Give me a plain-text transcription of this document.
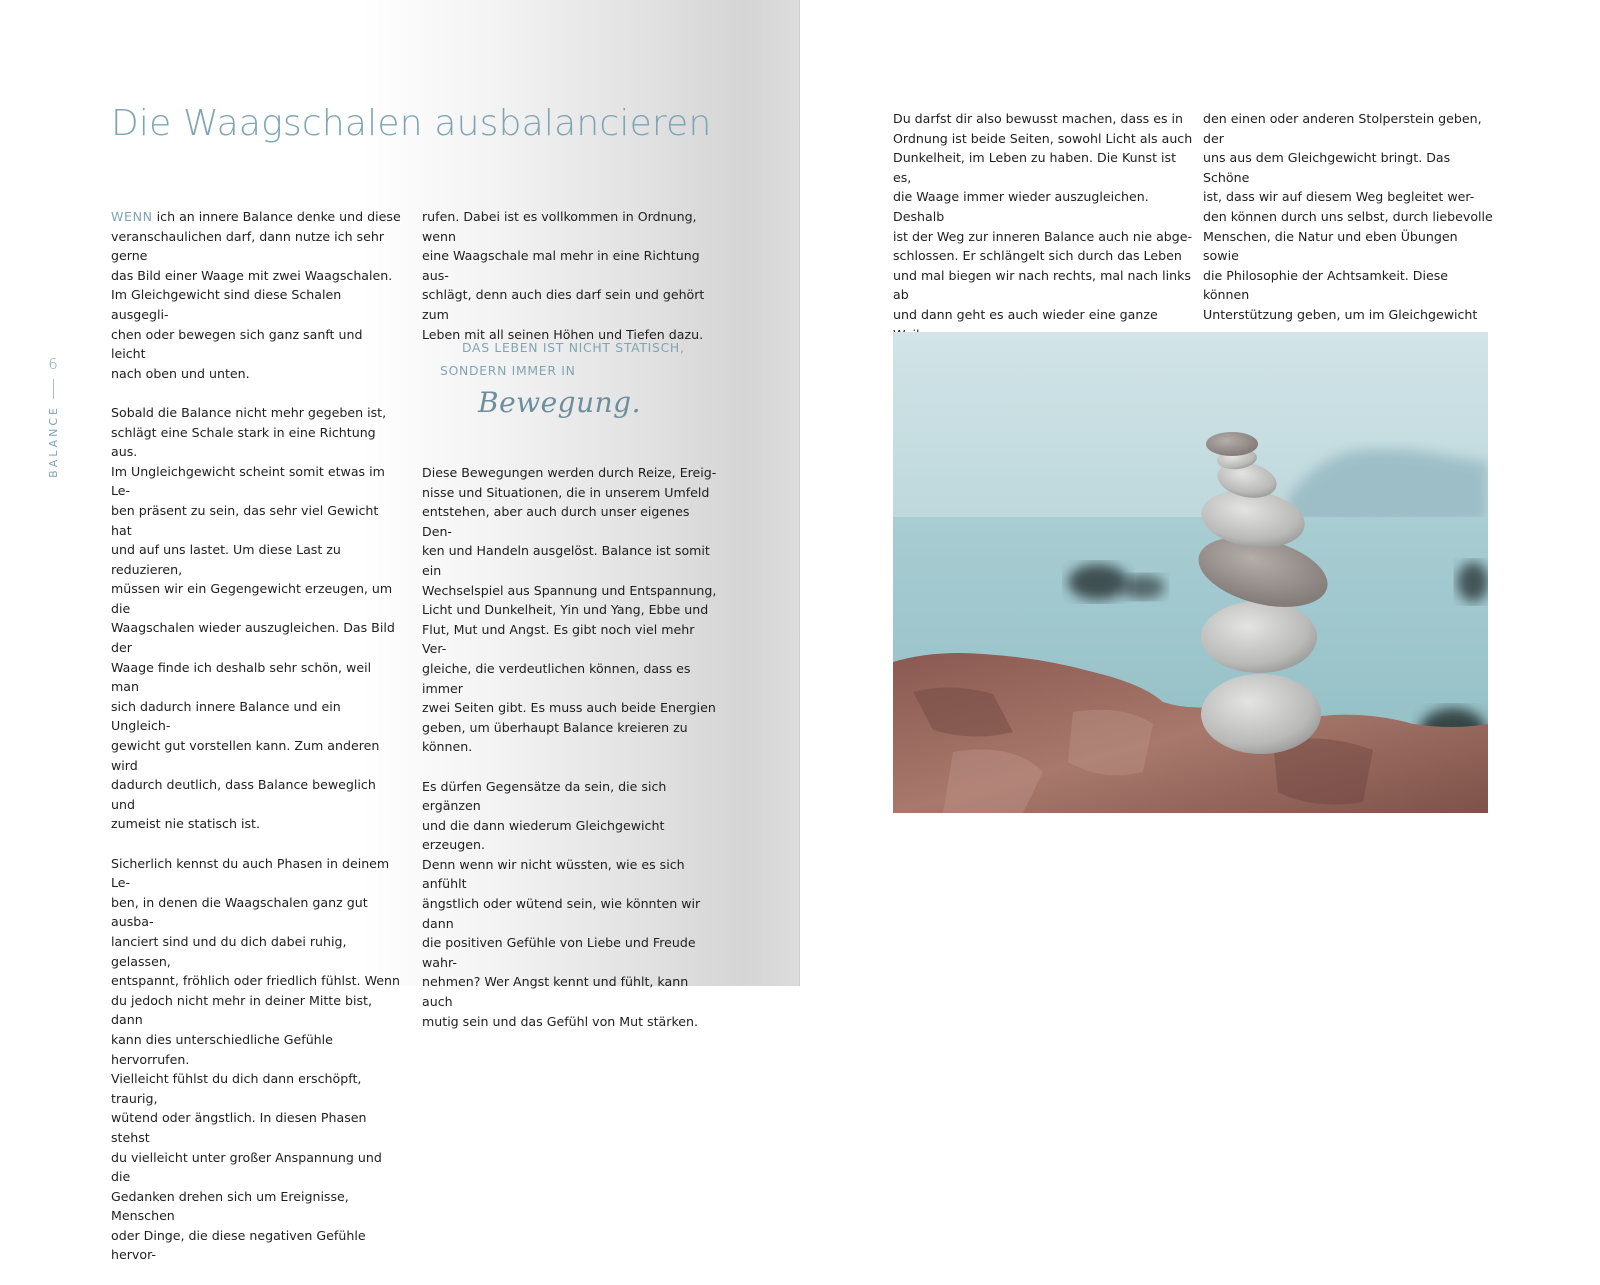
Die Waagschalen ausbalancieren
6
BALANCE

WENN ich an innere Balance denke und diese
veranschaulichen darf, dann nutze ich sehr gerne
das Bild einer Waage mit zwei Waagschalen.
Im Gleichgewicht sind diese Schalen ausgegli-
chen oder bewegen sich ganz sanft und leicht
nach oben und unten.

Sobald die Balance nicht mehr gegeben ist,
schlägt eine Schale stark in eine Richtung aus.
Im Ungleichgewicht scheint somit etwas im Le-
ben präsent zu sein, das sehr viel Gewicht hat
und auf uns lastet. Um diese Last zu reduzieren,
müssen wir ein Gegengewicht erzeugen, um die
Waagschalen wieder auszugleichen. Das Bild der
Waage finde ich deshalb sehr schön, weil man
sich dadurch innere Balance und ein Ungleich-
gewicht gut vorstellen kann. Zum anderen wird
dadurch deutlich, dass Balance beweglich und
zumeist nie statisch ist.

Sicherlich kennst du auch Phasen in deinem Le-
ben, in denen die Waagschalen ganz gut ausba-
lanciert sind und du dich dabei ruhig, gelassen,
entspannt, fröhlich oder friedlich fühlst. Wenn
du jedoch nicht mehr in deiner Mitte bist, dann
kann dies unterschiedliche Gefühle hervorrufen.
Vielleicht fühlst du dich dann erschöpft, traurig,
wütend oder ängstlich. In diesen Phasen stehst
du vielleicht unter großer Anspannung und die
Gedanken drehen sich um Ereignisse, Menschen
oder Dinge, die diese negativen Gefühle hervor-

rufen. Dabei ist es vollkommen in Ordnung, wenn
eine Waagschale mal mehr in eine Richtung aus-
schlägt, denn auch dies darf sein und gehört zum
Leben mit all seinen Höhen und Tiefen dazu.

DAS LEBEN IST NICHT STATISCH,
SONDERN IMMER IN
Bewegung.

Diese Bewegungen werden durch Reize, Ereig-
nisse und Situationen, die in unserem Umfeld
entstehen, aber auch durch unser eigenes Den-
ken und Handeln ausgelöst. Balance ist somit ein
Wechselspiel aus Spannung und Entspannung,
Licht und Dunkelheit, Yin und Yang, Ebbe und
Flut, Mut und Angst. Es gibt noch viel mehr Ver-
gleiche, die verdeutlichen können, dass es immer
zwei Seiten gibt. Es muss auch beide Energien
geben, um überhaupt Balance kreieren zu können.

Es dürfen Gegensätze da sein, die sich ergänzen
und die dann wiederum Gleichgewicht erzeugen.
Denn wenn wir nicht wüssten, wie es sich anfühlt
ängstlich oder wütend sein, wie könnten wir dann
die positiven Gefühle von Liebe und Freude wahr-
nehmen? Wer Angst kennt und fühlt, kann auch
mutig sein und das Gefühl von Mut stärken.

Du darfst dir also bewusst machen, dass es in
Ordnung ist beide Seiten, sowohl Licht als auch
Dunkelheit, im Leben zu haben. Die Kunst ist es,
die Waage immer wieder auszugleichen. Deshalb
ist der Weg zur inneren Balance auch nie abge-
schlossen. Er schlängelt sich durch das Leben
und mal biegen wir nach rechts, mal nach links ab
und dann geht es auch wieder eine ganze

den einen oder anderen Stolperstein geben, der
uns aus dem Gleichgewicht bringt. Das Schöne
ist, dass wir auf diesem Weg begleitet wer-
den können durch uns selbst, durch liebevolle
Menschen, die Natur und eben Übungen sowie
die Philosophie der Achtsamkeit. Diese können
Unterstützung geben, um im Gleichgewicht
